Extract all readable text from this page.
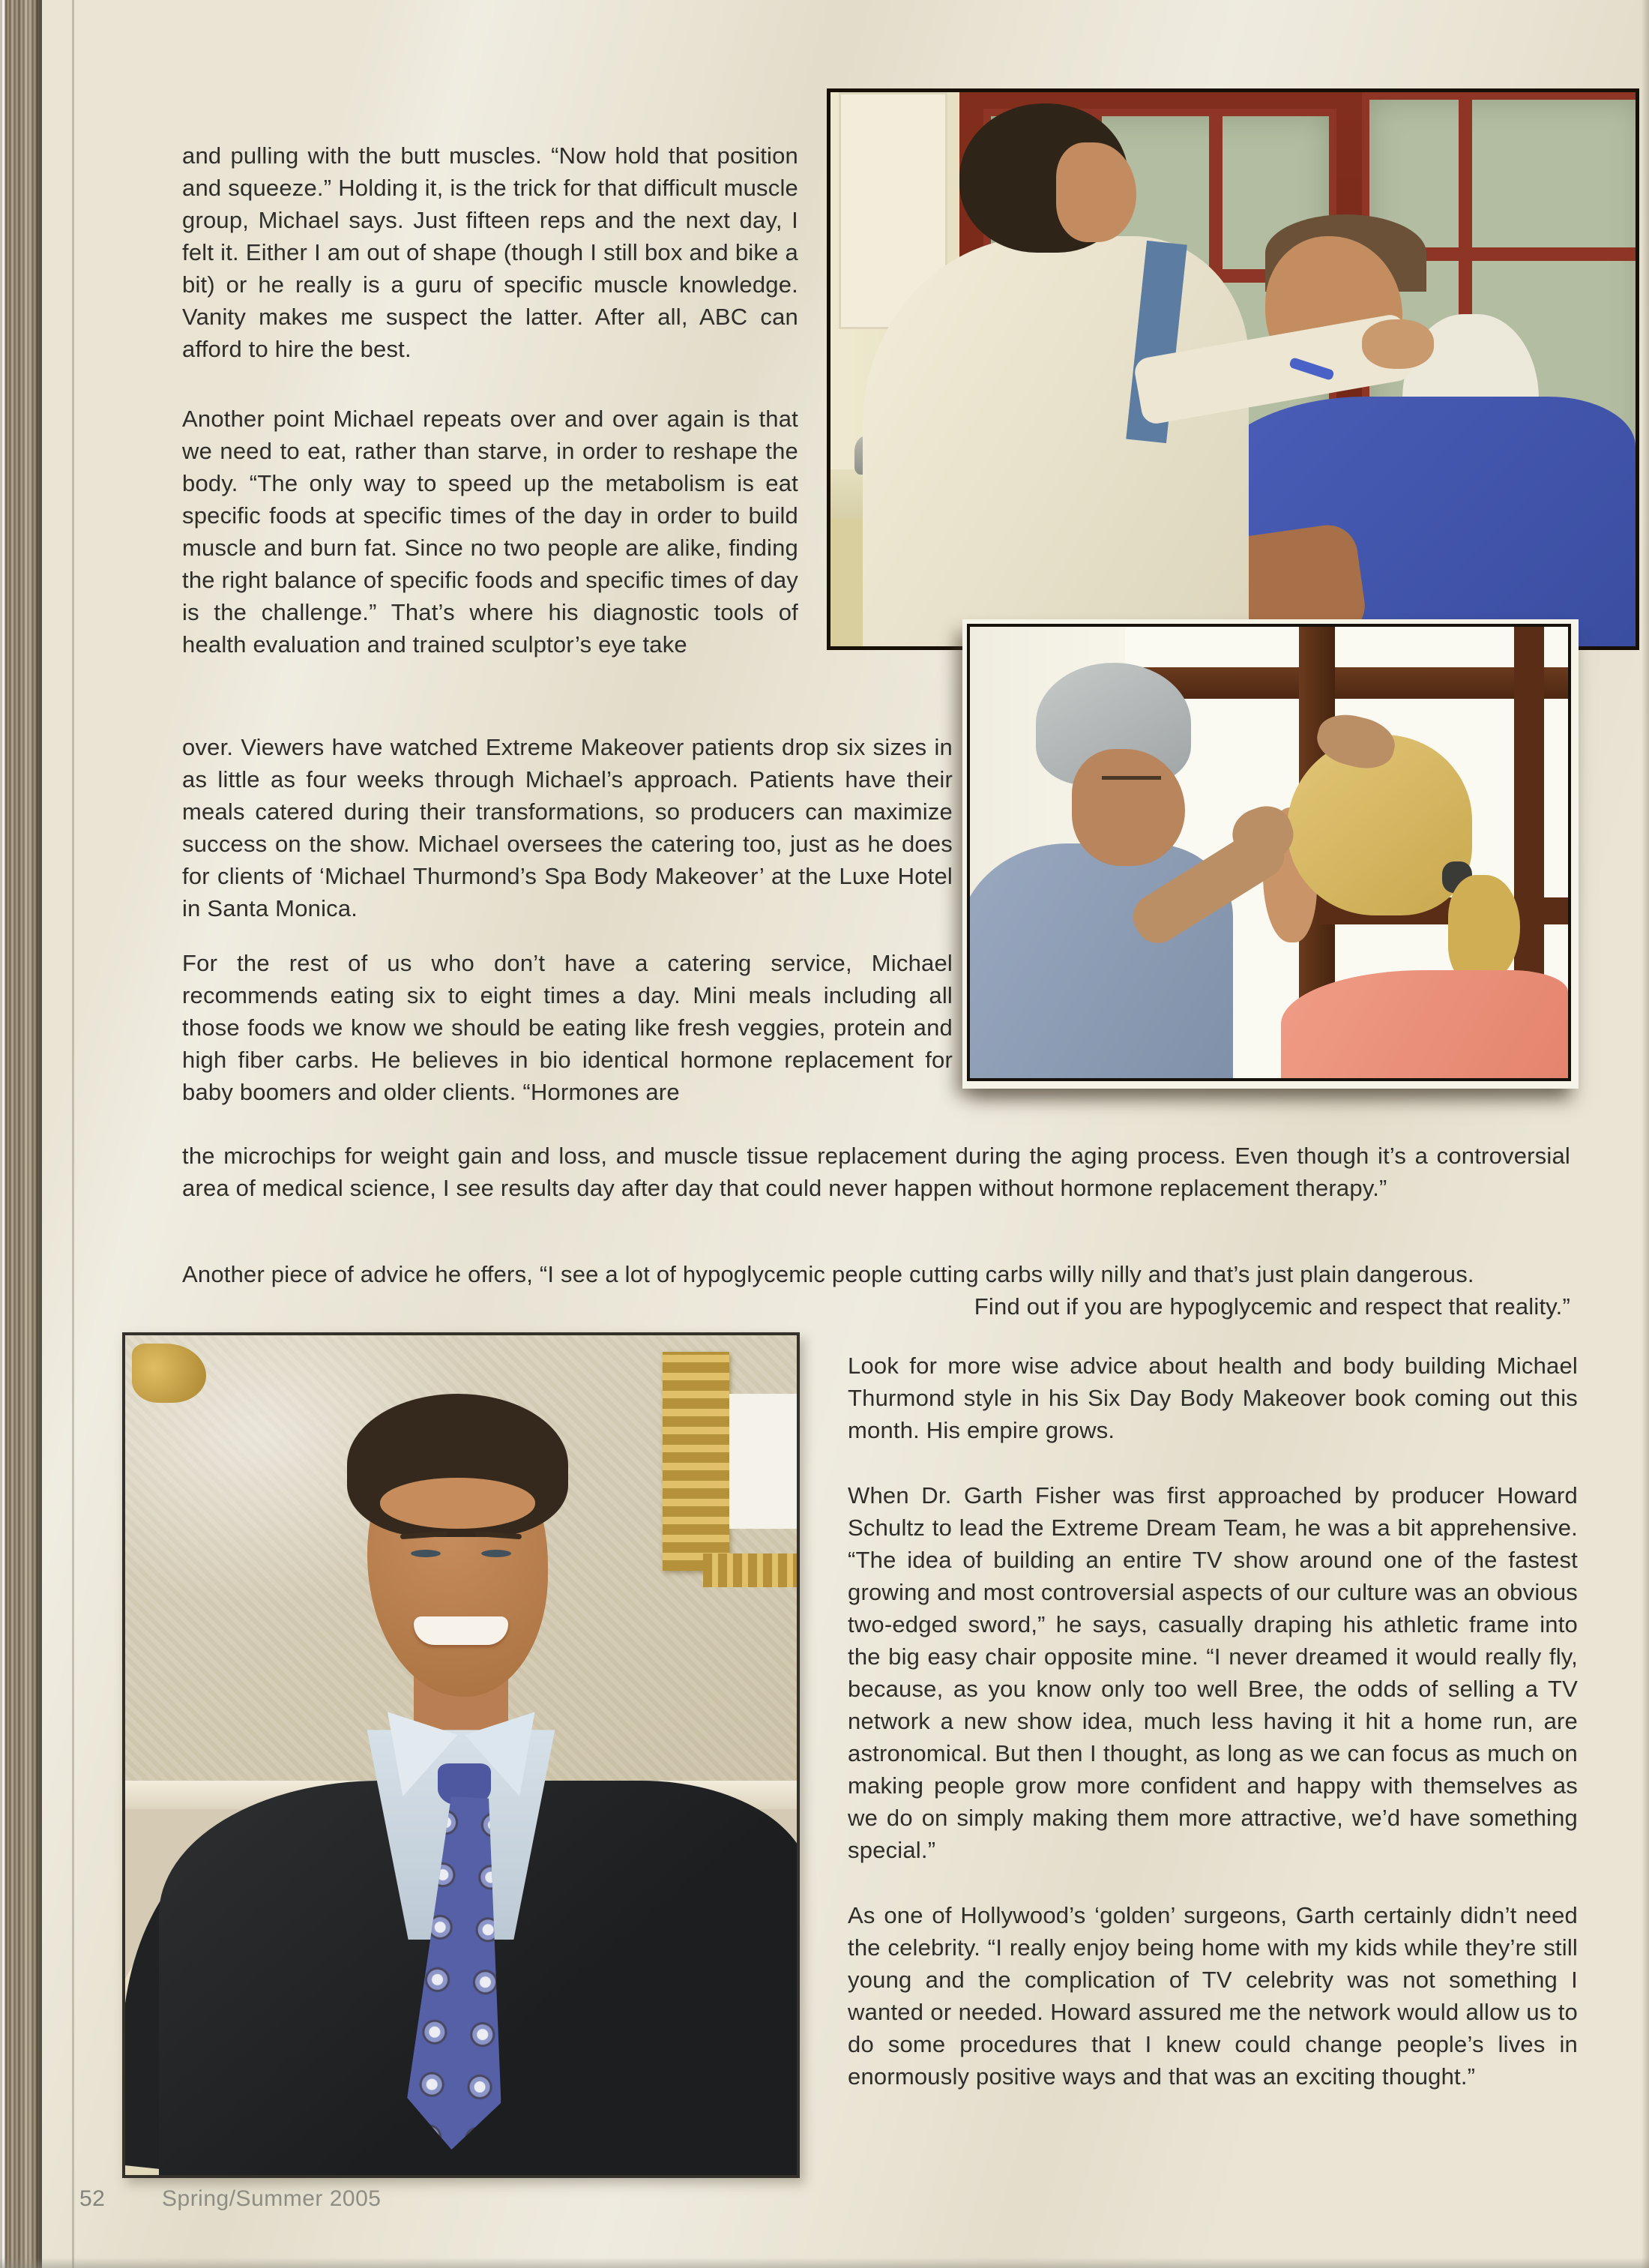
and pulling with the butt muscles. “Now hold that position and squeeze.” Holding it, is the trick for that difficult muscle group, Michael says. Just fifteen reps and the next day, I felt it. Either I am out of shape (though I still box and bike a bit) or he really is a guru of specific muscle knowledge. Vanity makes me suspect the latter. After all, ABC can afford to hire the best.

Another point Michael repeats over and over again is that we need to eat, rather than starve, in order to reshape the body. “The only way to speed up the metabolism is eat specific foods at specific times of the day in order to build muscle and burn fat. Since no two people are alike, finding the right balance of specific foods and specific times of day is the challenge.” That’s where his diagnostic tools of health evaluation and trained sculptor’s eye take

over. Viewers have watched Extreme Makeover patients drop six sizes in as little as four weeks through Michael’s approach. Patients have their meals catered during their transformations, so producers can maximize success on the show. Michael oversees the catering too, just as he does for clients of ‘Michael Thurmond’s Spa Body Makeover’ at the Luxe Hotel in Santa Monica.

For the rest of us who don’t have a catering service, Michael recommends eating six to eight times a day. Mini meals including all those foods we know we should be eating like fresh veggies, protein and high fiber carbs. He believes in bio identical hormone replacement for baby boomers and older clients. “Hormones are

the microchips for weight gain and loss, and muscle tissue replacement during the aging process. Even though it’s a controversial area of medical science, I see results day after day that could never happen without hormone replacement therapy.”

Another piece of advice he offers, “I see a lot of hypoglycemic people cutting carbs willy nilly and that’s just plain dangerous.
Find out if you are hypoglycemic and respect that reality.”

Look for more wise advice about health and body building Michael Thurmond style in his Six Day Body Makeover book coming out this month. His empire grows.

When Dr. Garth Fisher was first approached by producer Howard Schultz to lead the Extreme Dream Team, he was a bit apprehensive. “The idea of building an entire TV show around one of the fastest growing and most controversial aspects of our culture was an obvious two-edged sword,” he says, casually draping his athletic frame into the big easy chair opposite mine. “I never dreamed it would really fly, because, as you know only too well Bree, the odds of selling a TV network a new show idea, much less having it hit a home run, are astronomical. But then I thought, as long as we can focus as much on making people grow more confident and happy with themselves as we do on simply making them more attractive, we’d have something special.”

As one of Hollywood’s ‘golden’ surgeons, Garth certainly didn’t need the celebrity. “I really enjoy being home with my kids while they’re still young and the complication of TV celebrity was not something I wanted or needed. Howard assured me the network would allow us to do some procedures that I knew could change people’s lives in enormously positive ways and that was an exciting thought.”

52	Spring/Summer 2005
